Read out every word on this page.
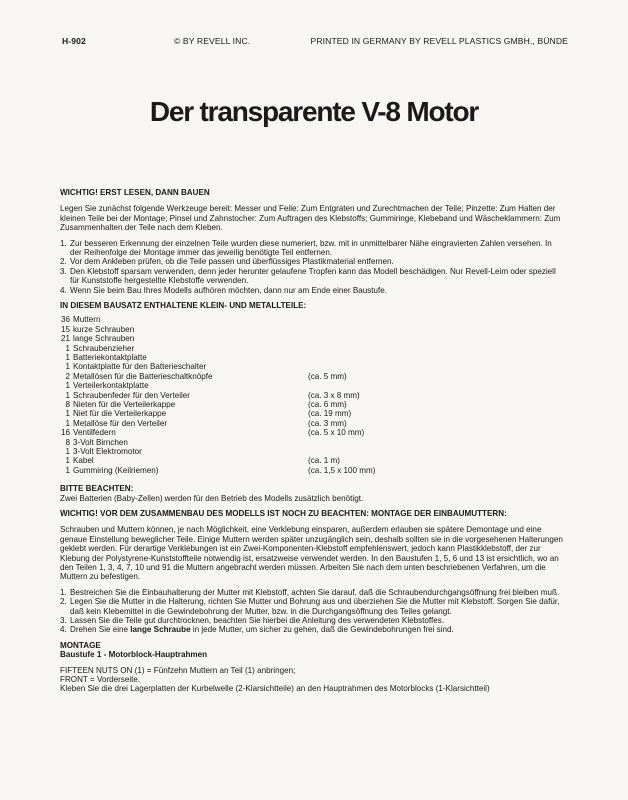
H-902	© BY REVELL INC.	PRINTED IN GERMANY BY REVELL PLASTICS GMBH., BÜNDE
Der transparente V-8 Motor

WICHTIG! ERST LESEN, DANN BAUEN

Legen Sie zunächst folgende Werkzeuge bereit: Messer und Feile: Zum Entgraten und Zurechtmachen der Teile; Pinzette: Zum Halten der kleinen Teile bei der Montage; Pinsel und Zahnstocher: Zum Auftragen des Klebstoffs; Gummiringe, Klebeband und Wäscheklammern: Zum Zusammenhalten der Teile nach dem Kleben.

1. Zur besseren Erkennung der einzelnen Teile wurden diese numeriert, bzw. mit in unmittelbarer Nähe eingravierten Zahlen versehen. In der Reihenfolge der Montage immer das jeweilig benötigte Teil entfernen.
2. Vor dem Ankleben prüfen, ob die Teile passen und überflüssiges Plastikmaterial entfernen.
3. Den Klebstoff sparsam verwenden, denn jeder herunter gelaufene Tropfen kann das Modell beschädigen. Nur Revell-Leim oder speziell für Kunststoffe hergestellte Klebstoffe verwenden.
4. Wenn Sie beim Bau Ihres Modells aufhören möchten, dann nur am Ende einer Baustufe.

IN DIESEM BAUSATZ ENTHALTENE KLEIN- UND METALLTEILE:

36 Muttern
15 kurze Schrauben
21 lange Schrauben
1 Schraubenzieher
1 Batteriekontaktplatte
1 Kontaktplatte für den Batterieschalter
2 Metallösen für die Batterieschaltknöpfe	(ca. 5 mm)
1 Verteilerkontaktplatte
1 Schraubenfeder für den Verteiler	(ca. 3 x 8 mm)
8 Nieten für die Verteilerkappe	(ca. 6 mm)
1 Niet für die Verteilerkappe	(ca. 19 mm)
1 Metallöse für den Verteiler	(ca. 3 mm)
16 Ventilfedern	(ca. 5 x 10 mm)
8 3-Volt Birnchen
1 3-Volt Elektromotor
1 Kabel	(ca. 1 m)
1 Gummiring (Keilriemen)	(ca. 1,5 x 100 mm)

BITTE BEACHTEN:

Zwei Batterien (Baby-Zellen) werden für den Betrieb des Modells zusätzlich benötigt.

WICHTIG! VOR DEM ZUSAMMENBAU DES MODELLS IST NOCH ZU BEACHTEN: MONTAGE DER EINBAUMUTTERN:

Schrauben und Muttern können, je nach Möglichkeit, eine Verklebung einsparen, außerdem erlauben sie spätere Demontage und eine genaue Einstellung beweglicher Teile. Einige Muttern werden später unzugänglich sein, deshalb sollten sie in die vorgesehenen Halterungen geklebt werden. Für derartige Verklebungen ist ein Zwei-Komponenten-Klebstoff empfehlenswert, jedoch kann Plastikklebstoff, der zur Klebung der Polystyrene-Kunststoffteile notwendig ist, ersatzweise verwendet werden. In den Baustufen 1, 5, 6 und 13 ist ersichtlich, wo an den Teilen 1, 3, 4, 7, 10 und 91 die Muttern angebracht werden müssen. Arbeiten Sie nach dem unten beschriebenen Verfahren, um die Muttern zu befestigen.

1. Bestreichen Sie die Einbauhalterung der Mutter mit Klebstoff, achten Sie darauf, daß die Schraubendurchgangsöffnung frei bleiben muß.
2. Legen Sie die Mutter in die Halterung, richten Sie Mutter und Bohrung aus und überziehen Sie die Mutter mit Klebstoff. Sorgen Sie dafür, daß kein Klebemittel in die Gewindebohrung der Mutter, bzw. in die Durchgangsöffnung des Teiles gelangt.
3. Lassen Sie die Teile gut durchtrocknen, beachten Sie hierbei die Anleitung des verwendeten Klebstoffes.
4. Drehen Sie eine lange Schraube in jede Mutter, um sicher zu gehen, daß die Gewindebohrungen frei sind.

MONTAGE

Baustufe 1 - Motorblock-Hauptrahmen

FIFTEEN NUTS ON (1) = Fünfzehn Muttern an Teil (1) anbringen;

FRONT = Vorderseite.

Kleben Sie die drei Lagerplatten der Kurbelwelle (2-Klarsichtteile) an den Hauptrahmen des Motorblocks (1-Klarsichtteil)
